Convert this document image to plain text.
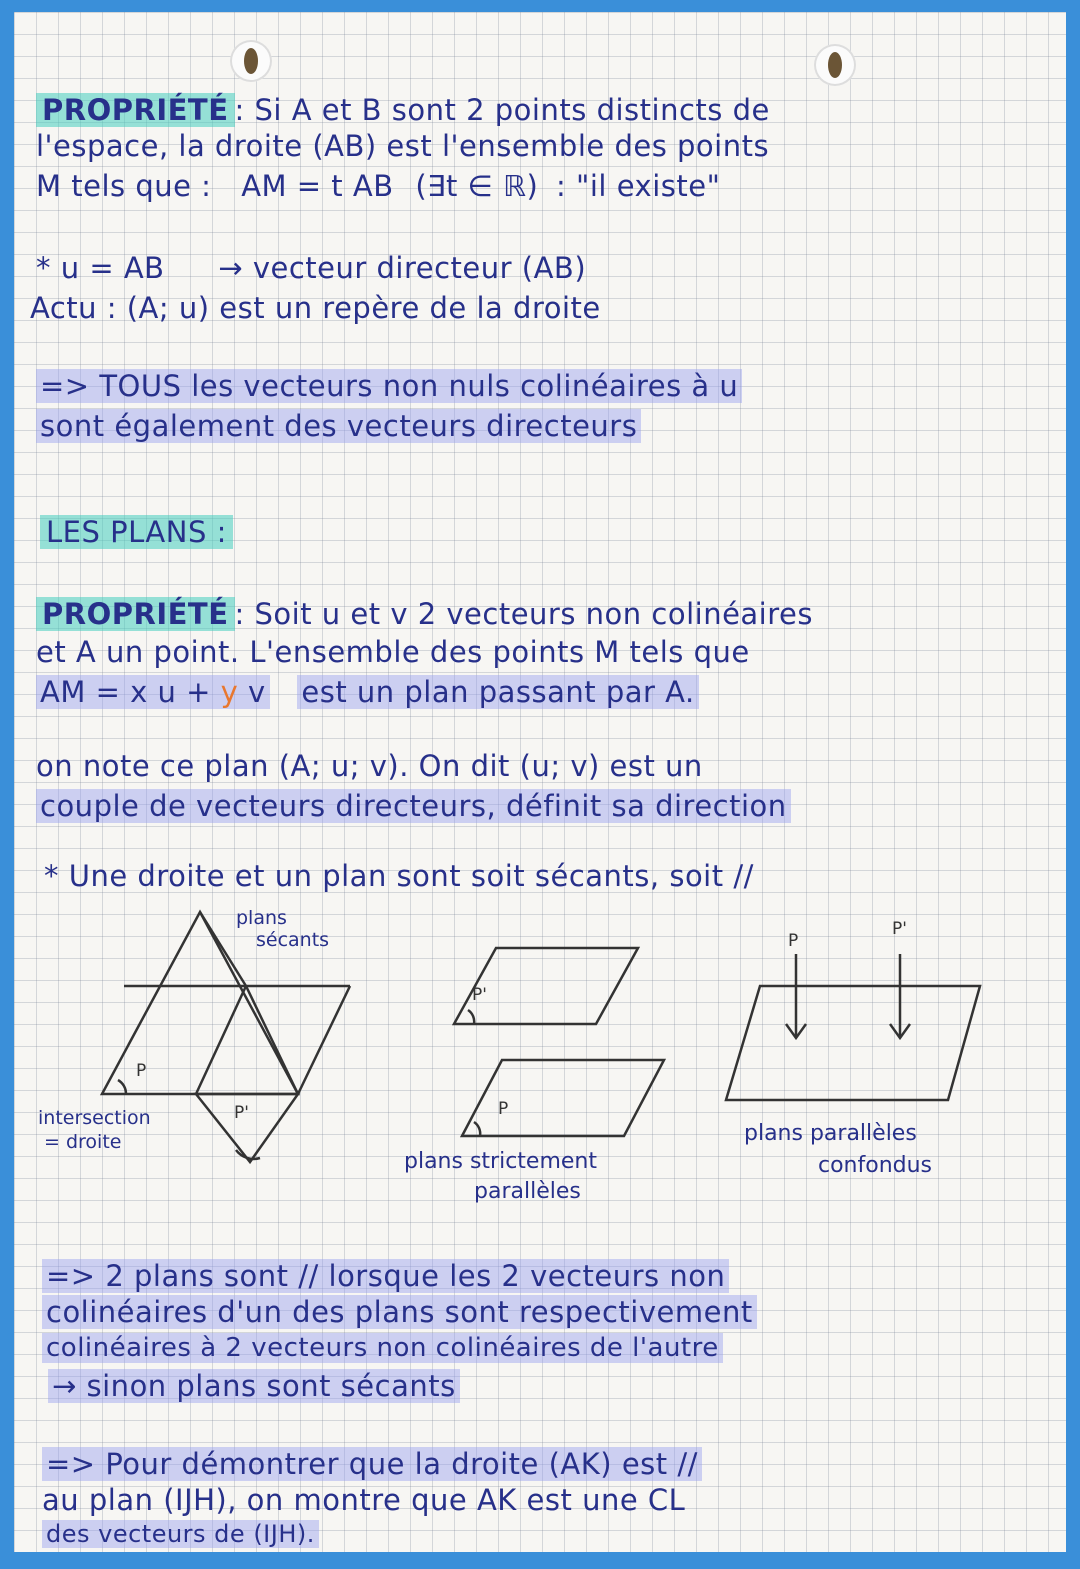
PROPRIÉTÉ : Si A et B sont 2 points distincts de
l'espace, la droite (AB) est l'ensemble des points
M tels que : AM = t AB (∃t ∈ ℝ) : "il existe"
* u = AB → vecteur directeur (AB)
Actu : (A; u) est un repère de la droite
=> TOUS les vecteurs non nuls colinéaires à u
sont également des vecteurs directeurs
LES PLANS :
PROPRIÉTÉ : Soit u et v 2 vecteurs non colinéaires
et A un point. L'ensemble des points M tels que
AM = x u + y v est un plan passant par A.
on note ce plan (A; u; v). On dit (u; v) est un
couple de vecteurs directeurs, définit sa direction
* Une droite et un plan sont soit sécants, soit //
plans
sécants
intersection
= droite
plans strictement
parallèles
plans parallèles
confondus
P
P'
P'
P
P
P'
=> 2 plans sont // lorsque les 2 vecteurs non
colinéaires d'un des plans sont respectivement
colinéaires à 2 vecteurs non colinéaires de l'autre
→ sinon plans sont sécants
=> Pour démontrer que la droite (AK) est //
au plan (IJH), on montre que AK est une CL
des vecteurs de (IJH).
